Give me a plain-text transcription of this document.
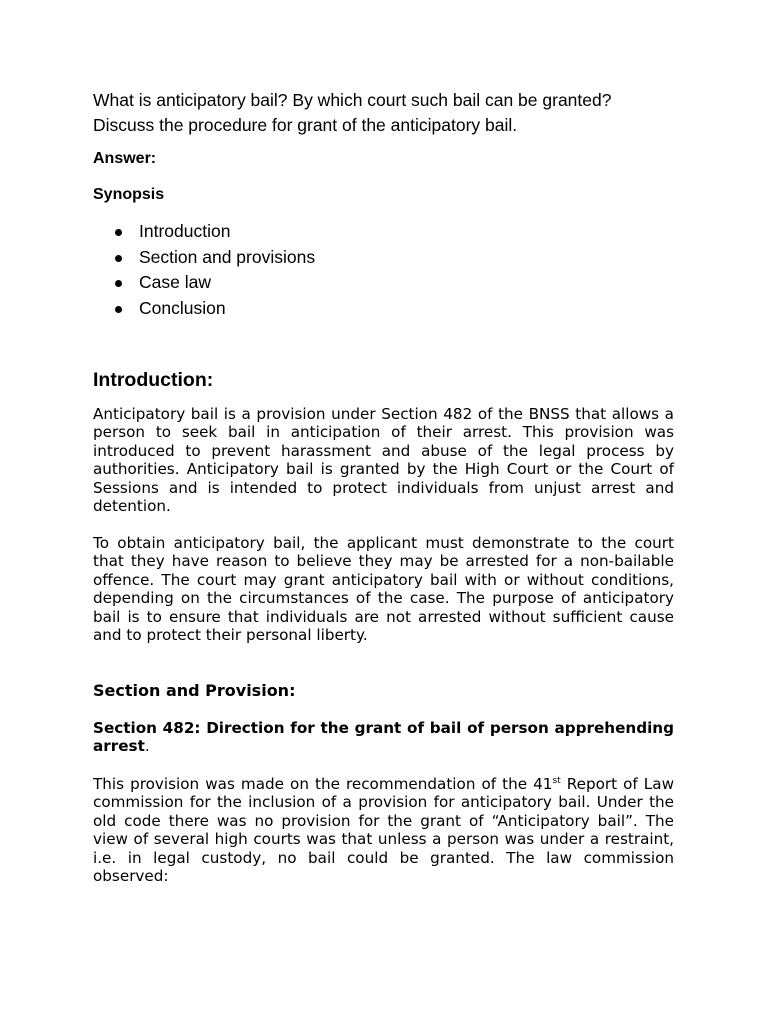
What is anticipatory bail? By which court such bail can be granted?
Discuss the procedure for grant of the anticipatory bail.
Answer:
Synopsis
Introduction
Section and provisions
Case law
Conclusion
Introduction:

Anticipatory bail is a provision under Section 482 of the BNSS that allows a person to seek bail in anticipation of their arrest. This provision was introduced to prevent harassment and abuse of the legal process by authorities. Anticipatory bail is granted by the High Court or the Court of Sessions and is intended to protect individuals from unjust arrest and detention.

To obtain anticipatory bail, the applicant must demonstrate to the court that they have reason to believe they may be arrested for a non-bailable offence. The court may grant anticipatory bail with or without conditions, depending on the circumstances of the case. The purpose of anticipatory bail is to ensure that individuals are not arrested without sufficient cause and to protect their personal liberty.

Section and Provision:

Section 482: Direction for the grant of bail of person apprehending arrest.

This provision was made on the recommendation of the 41st Report of Law commission for the inclusion of a provision for anticipatory bail. Under the old code there was no provision for the grant of “Anticipatory bail”. The view of several high courts was that unless a person was under a restraint, i.e. in legal custody, no bail could be granted. The law commission observed:
